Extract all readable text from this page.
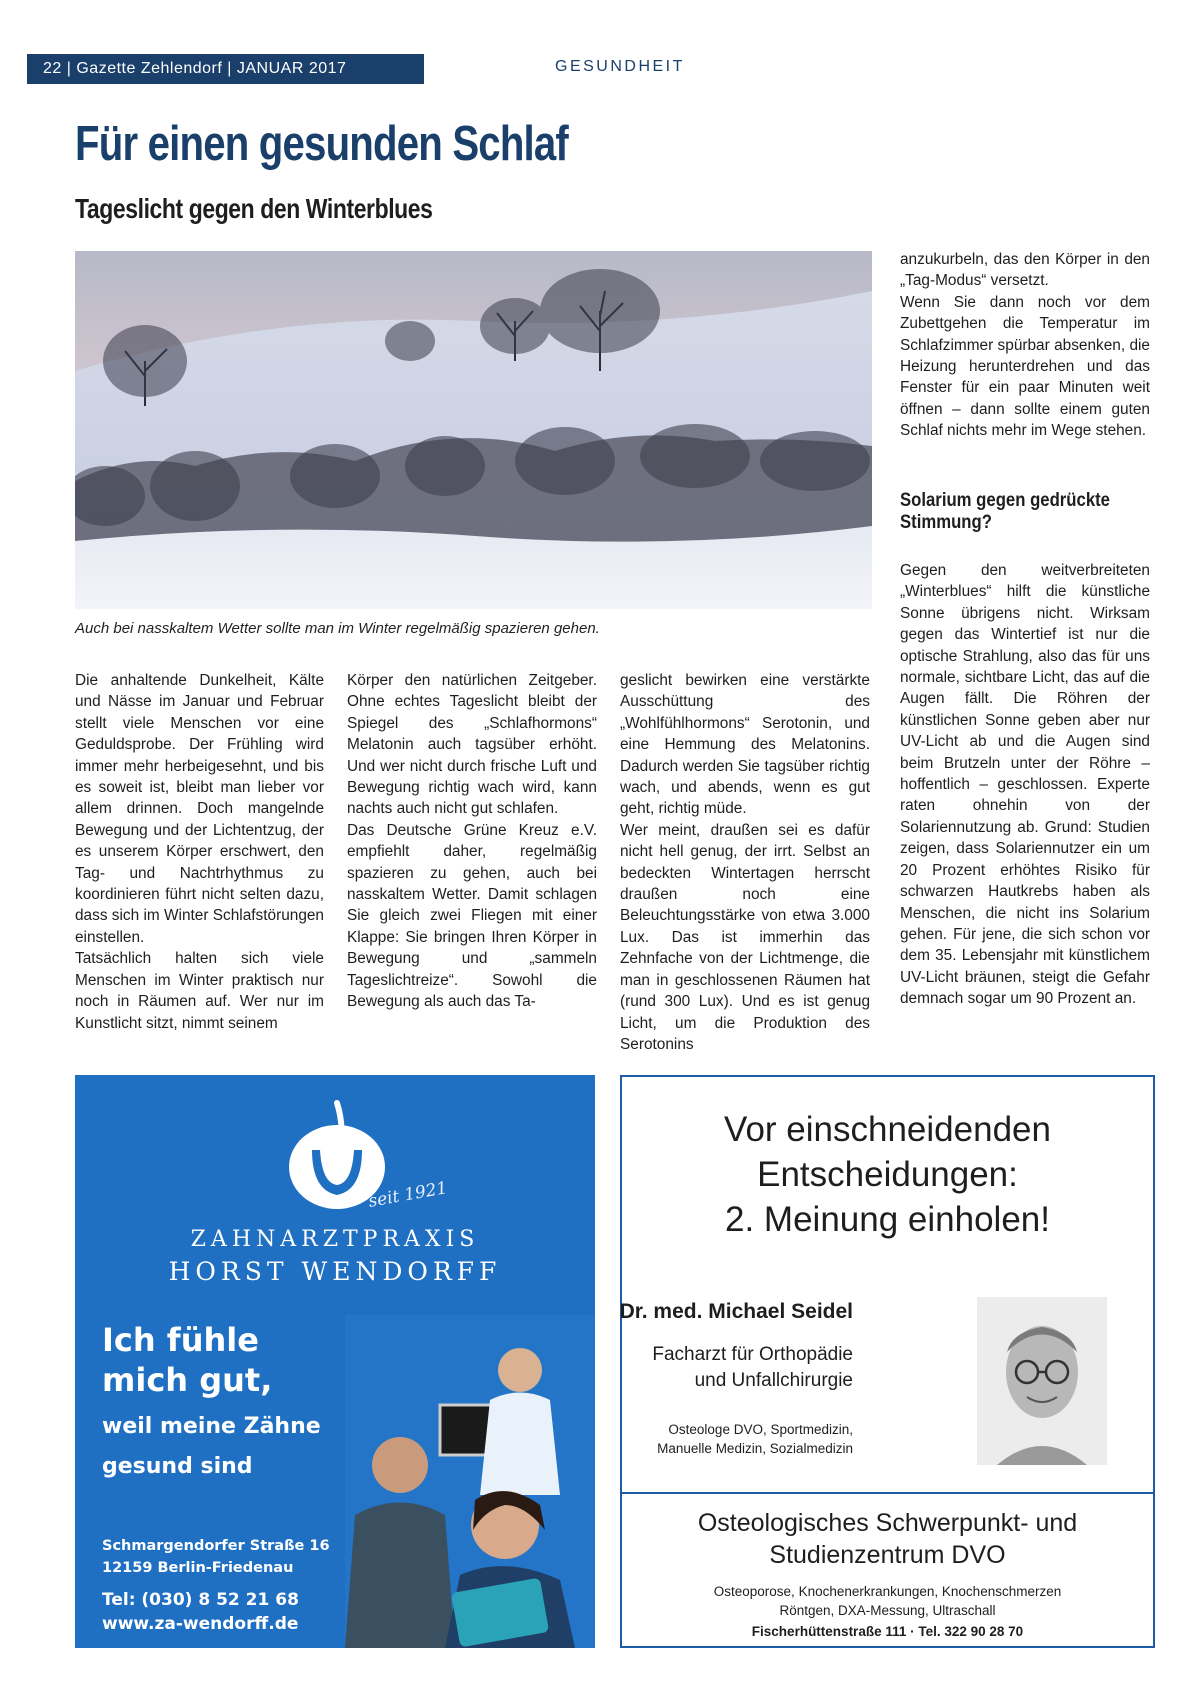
22 | Gazette Zehlendorf | JANUAR 2017	GESUNDHEIT
Für einen gesunden Schlaf
Tageslicht gegen den Winterblues
Auch bei nasskaltem Wetter sollte man im Winter regelmäßig spazieren gehen.

Die anhaltende Dunkelheit, Kälte und Nässe im Januar und Februar stellt viele Menschen vor eine Geduldsprobe. Der Frühling wird immer mehr herbeigesehnt, und bis es soweit ist, bleibt man lieber vor allem drinnen. Doch mangelnde Bewegung und der Lichtentzug, der es unserem Körper erschwert, den Tag- und Nachtrhythmus zu koordinieren führt nicht selten dazu, dass sich im Winter Schlafstörungen einstellen.

Tatsächlich halten sich viele Menschen im Winter praktisch nur noch in Räumen auf. Wer nur im Kunstlicht sitzt, nimmt seinem

Körper den natürlichen Zeitgeber. Ohne echtes Tageslicht bleibt der Spiegel des „Schlafhormons“ Melatonin auch tagsüber erhöht. Und wer nicht durch frische Luft und Bewegung richtig wach wird, kann nachts auch nicht gut schlafen.

Das Deutsche Grüne Kreuz e.V. empfiehlt daher, regelmäßig spazieren zu gehen, auch bei nasskaltem Wetter. Damit schlagen Sie gleich zwei Fliegen mit einer Klappe: Sie bringen Ihren Körper in Bewegung und „sammeln Tageslichtreize“. Sowohl die Bewegung als auch das Ta-

geslicht bewirken eine verstärkte Ausschüttung des „Wohlfühlhormons“ Serotonin, und eine Hemmung des Melatonins. Dadurch werden Sie tagsüber richtig wach, und abends, wenn es gut geht, richtig müde.

Wer meint, draußen sei es dafür nicht hell genug, der irrt. Selbst an bedeckten Wintertagen herrscht draußen noch eine Beleuchtungsstärke von etwa 3.000 Lux. Das ist immerhin das Zehnfache von der Lichtmenge, die man in geschlossenen Räumen hat (rund 300 Lux). Und es ist genug Licht, um die Produktion des Serotonins

anzukurbeln, das den Körper in den „Tag-Modus“ versetzt.

Wenn Sie dann noch vor dem Zubettgehen die Temperatur im Schlafzimmer spürbar absenken, die Heizung herunterdrehen und das Fenster für ein paar Minuten weit öffnen – dann sollte einem guten Schlaf nichts mehr im Wege stehen.

Solarium gegen gedrückte Stimmung?

Gegen den weitverbreiteten „Winterblues“ hilft die künstliche Sonne übrigens nicht. Wirksam gegen das Wintertief ist nur die optische Strahlung, also das für uns normale, sichtbare Licht, das auf die Augen fällt. Die Röhren der künstlichen Sonne geben aber nur UV-Licht ab und die Augen sind beim Brutzeln unter der Röhre – hoffentlich – geschlossen. Experte raten ohnehin von der Solariennutzung ab. Grund: Studien zeigen, dass Solariennutzer ein um 20 Prozent erhöhtes Risiko für schwarzen Hautkrebs haben als Menschen, die nicht ins Solarium gehen. Für jene, die sich schon vor dem 35. Lebensjahr mit künstlichem UV-Licht bräunen, steigt die Gefahr demnach sogar um 90 Prozent an.

seit 1921
ZAHNARZTPRAXIS
HORST WENDORFF
Ich fühle
mich gut,
weil meine Zähne
gesund sind
Schmargendorfer Straße 16
12159 Berlin-Friedenau
Tel: (030) 8 52 21 68
www.za-wendorff.de
Vor einschneidenden
Entscheidungen:
2. Meinung einholen!
Dr. med. Michael Seidel
Facharzt für Orthopädie
und Unfallchirurgie
Osteologe DVO, Sportmedizin,
Manuelle Medizin, Sozialmedizin
Osteologisches Schwerpunkt- und
Studienzentrum DVO
Osteoporose, Knochenerkrankungen, Knochenschmerzen
Röntgen, DXA-Messung, Ultraschall
Fischerhüttenstraße 111 · Tel. 322 90 28 70
